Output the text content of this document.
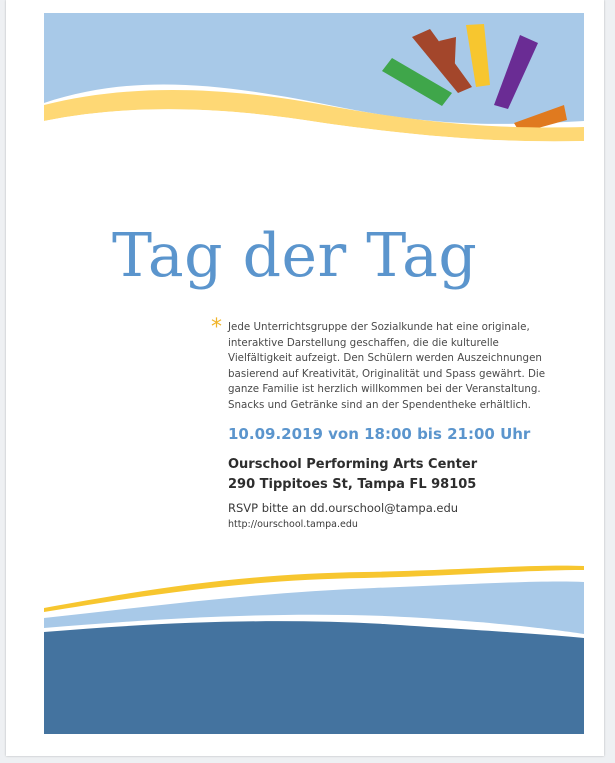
Tag der Tag
* Jede Unterrichtsgruppe der Sozialkunde hat eine originale, interaktive Darstellung geschaffen, die die kulturelle Vielfältigkeit aufzeigt. Den Schülern werden Auszeichnungen basierend auf Kreativität, Originalität und Spass gewährt. Die ganze Familie ist herzlich willkommen bei der Veranstaltung. Snacks und Getränke sind an der Spendentheke erhältlich.
10.09.2019 von 18:00 bis 21:00 Uhr
Ourschool Performing Arts Center
290 Tippitoes St, Tampa FL 98105
RSVP bitte an dd.ourschool@tampa.edu
http://ourschool.tampa.edu
